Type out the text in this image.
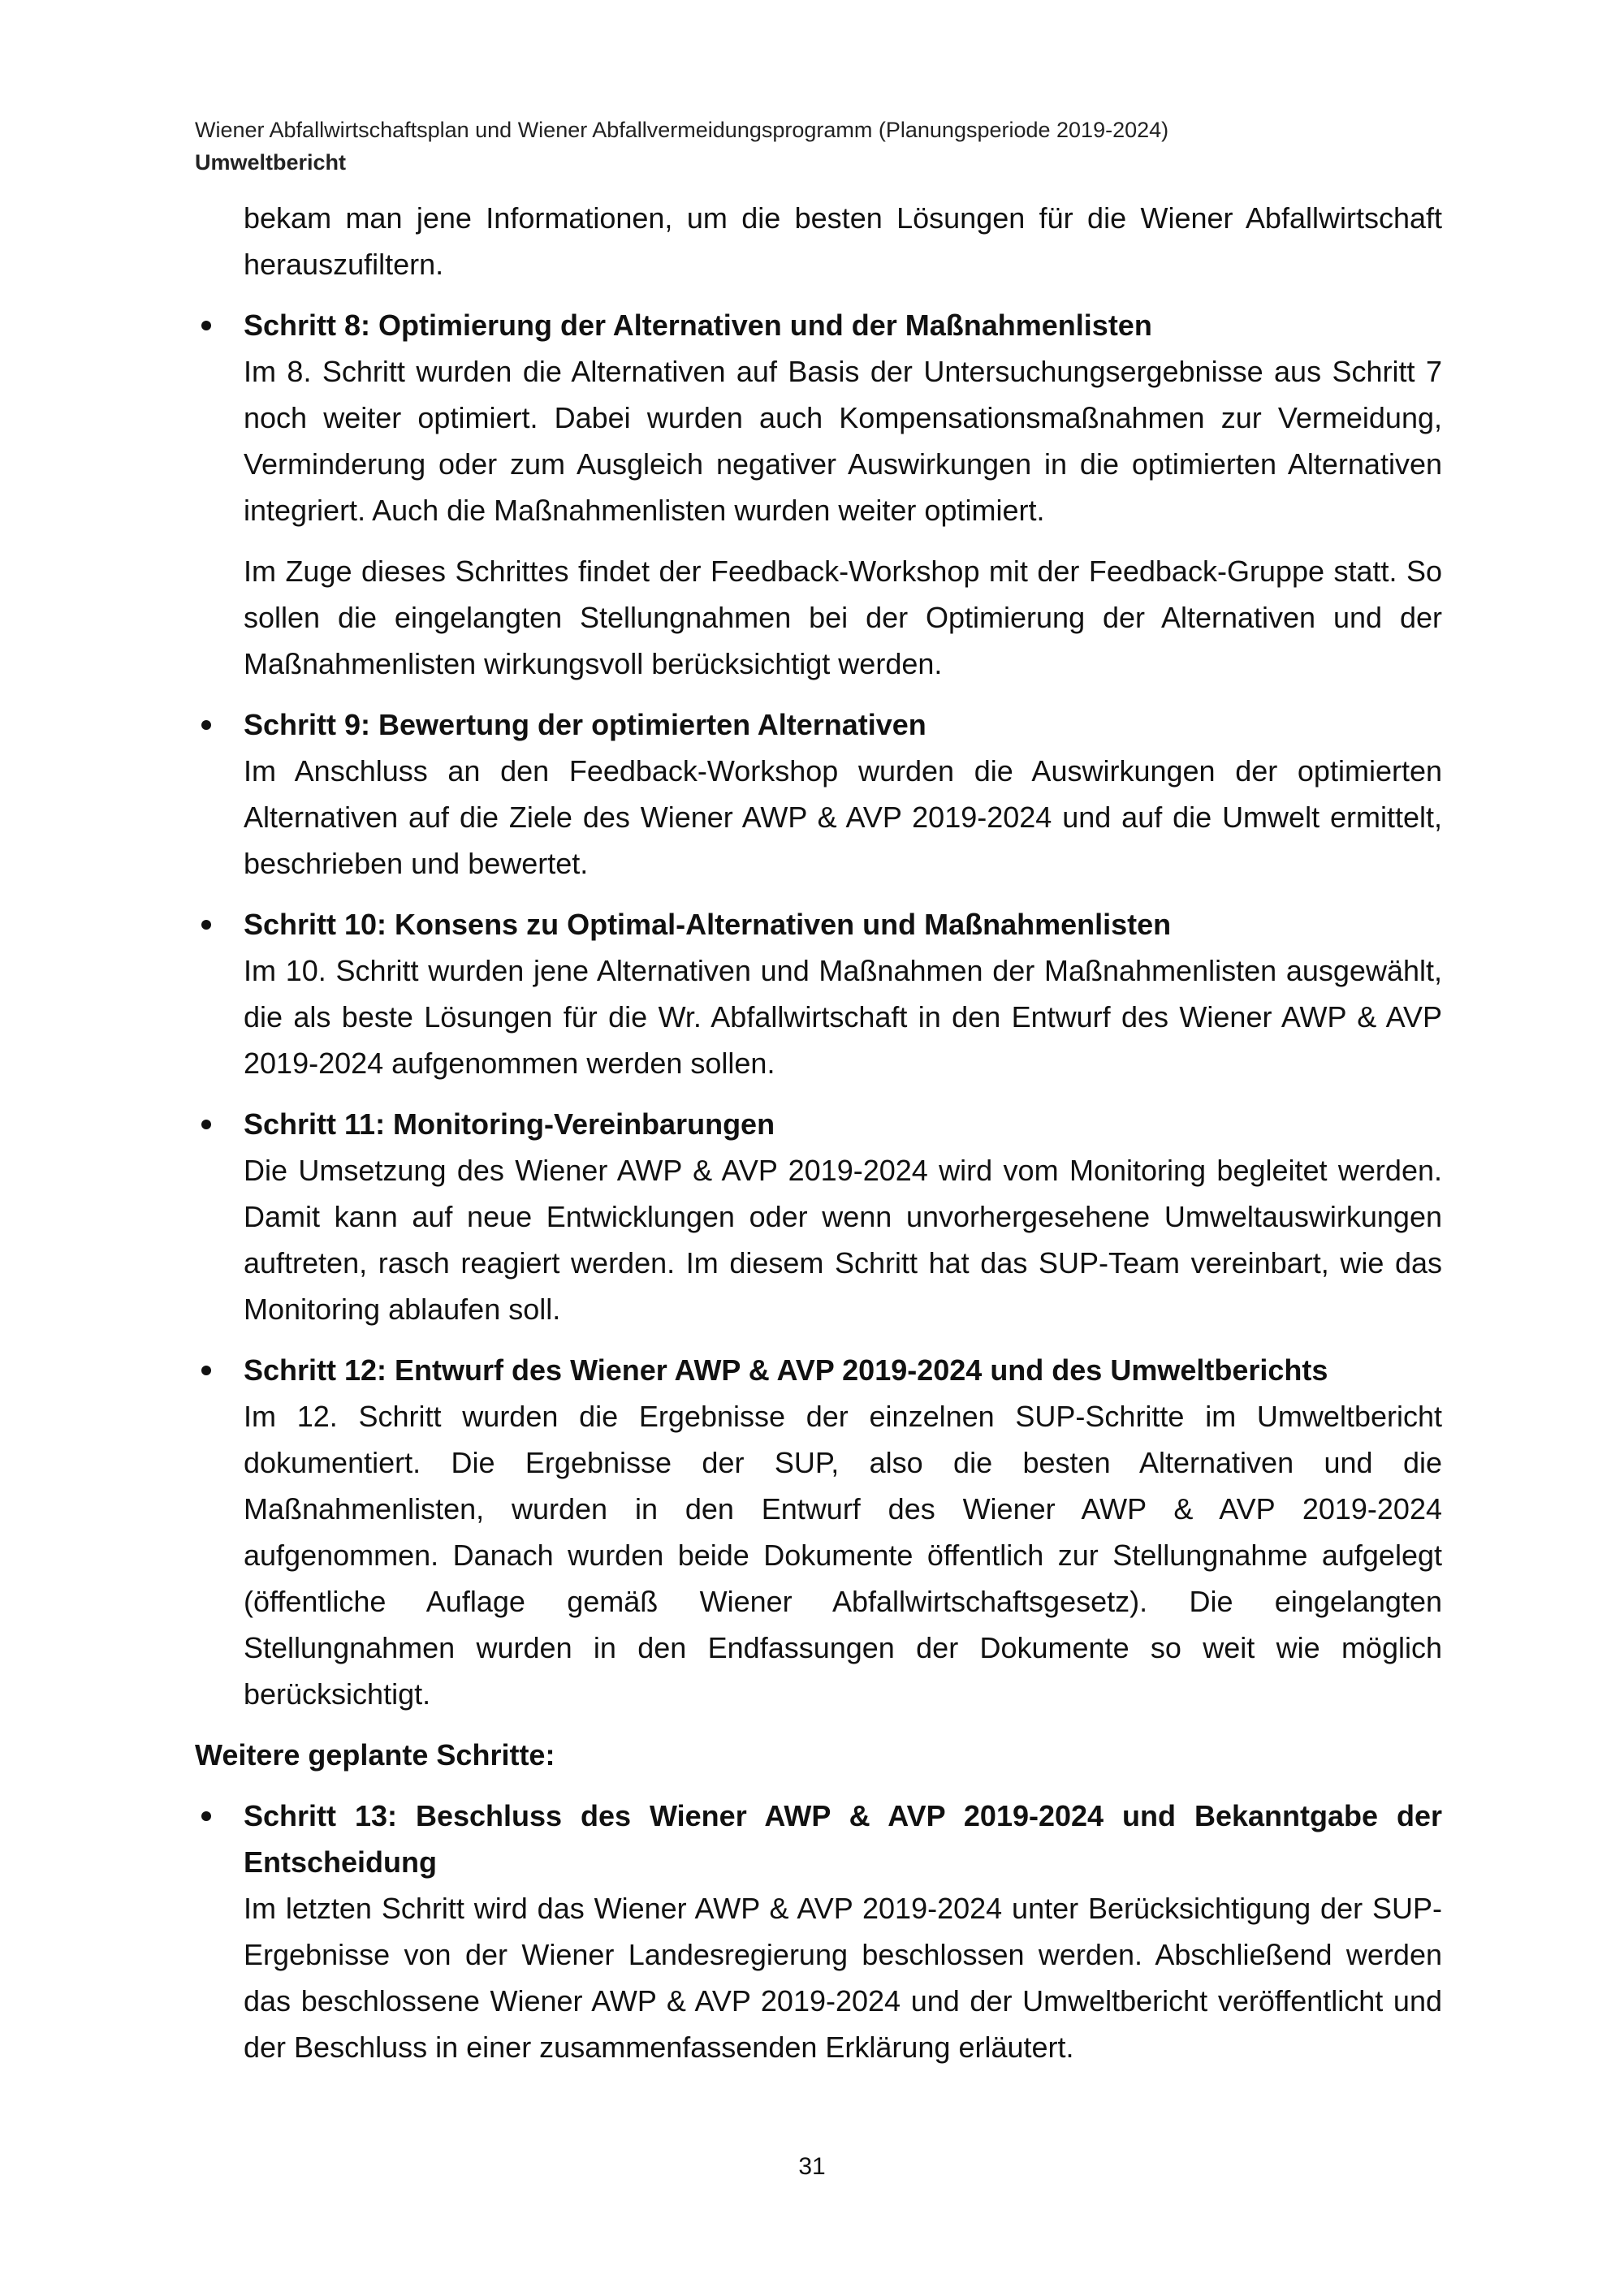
Wiener Abfallwirtschaftsplan und Wiener Abfallvermeidungsprogramm (Planungsperiode 2019-2024)

Umweltbericht

bekam man jene Informationen, um die besten Lösungen für die Wiener Abfallwirtschaft herauszufiltern.

Schritt 8: Optimierung der Alternativen und der Maßnahmenlisten
Im 8. Schritt wurden die Alternativen auf Basis der Untersuchungsergebnisse aus Schritt 7 noch weiter optimiert. Dabei wurden auch Kompensationsmaßnahmen zur Vermeidung, Verminderung oder zum Ausgleich negativer Auswirkungen in die optimierten Alternativen integriert. Auch die Maßnahmenlisten wurden weiter optimiert.
Im Zuge dieses Schrittes findet der Feedback-Workshop mit der Feedback-Gruppe statt. So sollen die eingelangten Stellungnahmen bei der Optimierung der Alternativen und der Maßnahmenlisten wirkungsvoll berücksichtigt werden.
Schritt 9: Bewertung der optimierten Alternativen
Im Anschluss an den Feedback-Workshop wurden die Auswirkungen der optimierten Alternativen auf die Ziele des Wiener AWP & AVP 2019-2024 und auf die Umwelt ermittelt, beschrieben und bewertet.
Schritt 10: Konsens zu Optimal-Alternativen und Maßnahmenlisten
Im 10. Schritt wurden jene Alternativen und Maßnahmen der Maßnahmenlisten ausgewählt, die als beste Lösungen für die Wr. Abfallwirtschaft in den Entwurf des Wiener AWP & AVP 2019-2024 aufgenommen werden sollen.
Schritt 11: Monitoring-Vereinbarungen
Die Umsetzung des Wiener AWP & AVP 2019-2024 wird vom Monitoring begleitet werden. Damit kann auf neue Entwicklungen oder wenn unvorhergesehene Umweltauswirkungen auftreten, rasch reagiert werden. Im diesem Schritt hat das SUP-Team vereinbart, wie das Monitoring ablaufen soll.
Schritt 12: Entwurf des Wiener AWP & AVP 2019-2024 und des Umweltberichts
Im 12. Schritt wurden die Ergebnisse der einzelnen SUP-Schritte im Umweltbericht dokumentiert. Die Ergebnisse der SUP, also die besten Alternativen und die Maßnahmenlisten, wurden in den Entwurf des Wiener AWP & AVP 2019-2024 aufgenommen. Danach wurden beide Dokumente öffentlich zur Stellungnahme aufgelegt (öffentliche Auflage gemäß Wiener Abfallwirtschaftsgesetz). Die eingelangten Stellungnahmen wurden in den Endfassungen der Dokumente so weit wie möglich berücksichtigt.

Weitere geplante Schritte:

Schritt 13: Beschluss des Wiener AWP & AVP 2019-2024 und Bekanntgabe der Entscheidung
Im letzten Schritt wird das Wiener AWP & AVP 2019-2024 unter Berücksichtigung der SUP-Ergebnisse von der Wiener Landesregierung beschlossen werden. Abschließend werden das beschlossene Wiener AWP & AVP 2019-2024 und der Umweltbericht veröffentlicht und der Beschluss in einer zusammenfassenden Erklärung erläutert.
31
